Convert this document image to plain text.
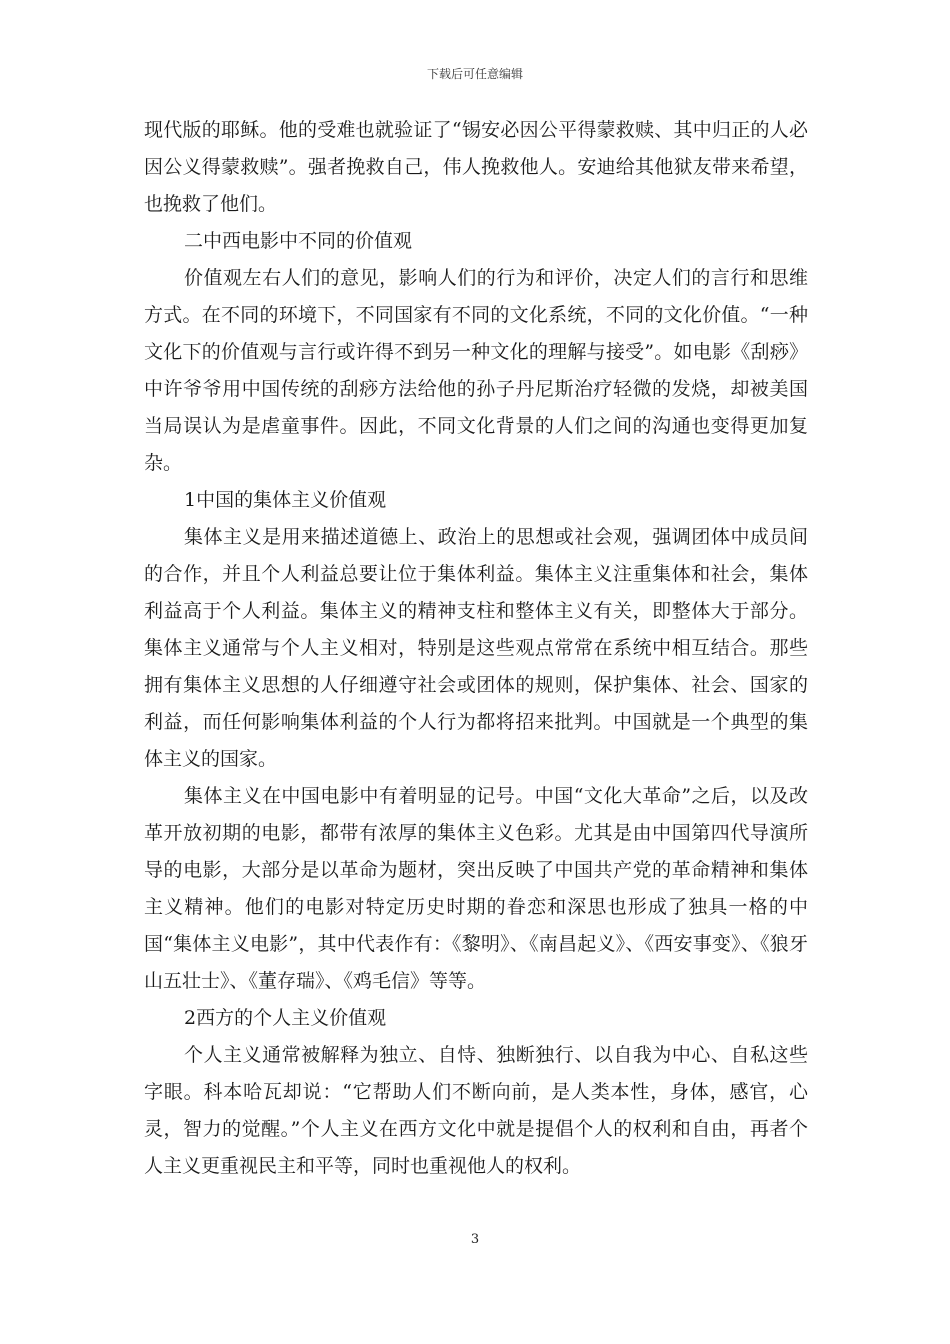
下载后可任意编辑

现代版的耶稣。他的受难也就验证了“锡安必因公平得蒙救赎、其中归正的人必因公义得蒙救赎”。强者挽救自己，伟人挽救他人。安迪给其他狱友带来希望，也挽救了他们。

二中西电影中不同的价值观

价值观左右人们的意见，影响人们的行为和评价，决定人们的言行和思维方式。在不同的环境下，不同国家有不同的文化系统，不同的文化价值。“一种文化下的价值观与言行或许得不到另一种文化的理解与接受”。如电影《刮痧》中许爷爷用中国传统的刮痧方法给他的孙子丹尼斯治疗轻微的发烧，却被美国当局误认为是虐童事件。因此，不同文化背景的人们之间的沟通也变得更加复杂。

1中国的集体主义价值观

集体主义是用来描述道德上、政治上的思想或社会观，强调团体中成员间的合作，并且个人利益总要让位于集体利益。集体主义注重集体和社会，集体利益高于个人利益。集体主义的精神支柱和整体主义有关，即整体大于部分。集体主义通常与个人主义相对，特别是这些观点常常在系统中相互结合。那些拥有集体主义思想的人仔细遵守社会或团体的规则，保护集体、社会、国家的利益，而任何影响集体利益的个人行为都将招来批判。中国就是一个典型的集体主义的国家。

集体主义在中国电影中有着明显的记号。中国“文化大革命”之后，以及改革开放初期的电影，都带有浓厚的集体主义色彩。尤其是由中国第四代导演所导的电影，大部分是以革命为题材，突出反映了中国共产党的革命精神和集体主义精神。他们的电影对特定历史时期的眷恋和深思也形成了独具一格的中国“集体主义电影”，其中代表作有：《黎明》、《南昌起义》、《西安事变》、《狼牙山五壮士》、《董存瑞》、《鸡毛信》等等。

2西方的个人主义价值观

个人主义通常被解释为独立、自恃、独断独行、以自我为中心、自私这些字眼。科本哈瓦却说：“它帮助人们不断向前，是人类本性，身体，感官，心灵，智力的觉醒。”个人主义在西方文化中就是提倡个人的权利和自由，再者个人主义更重视民主和平等，同时也重视他人的权利。

3
